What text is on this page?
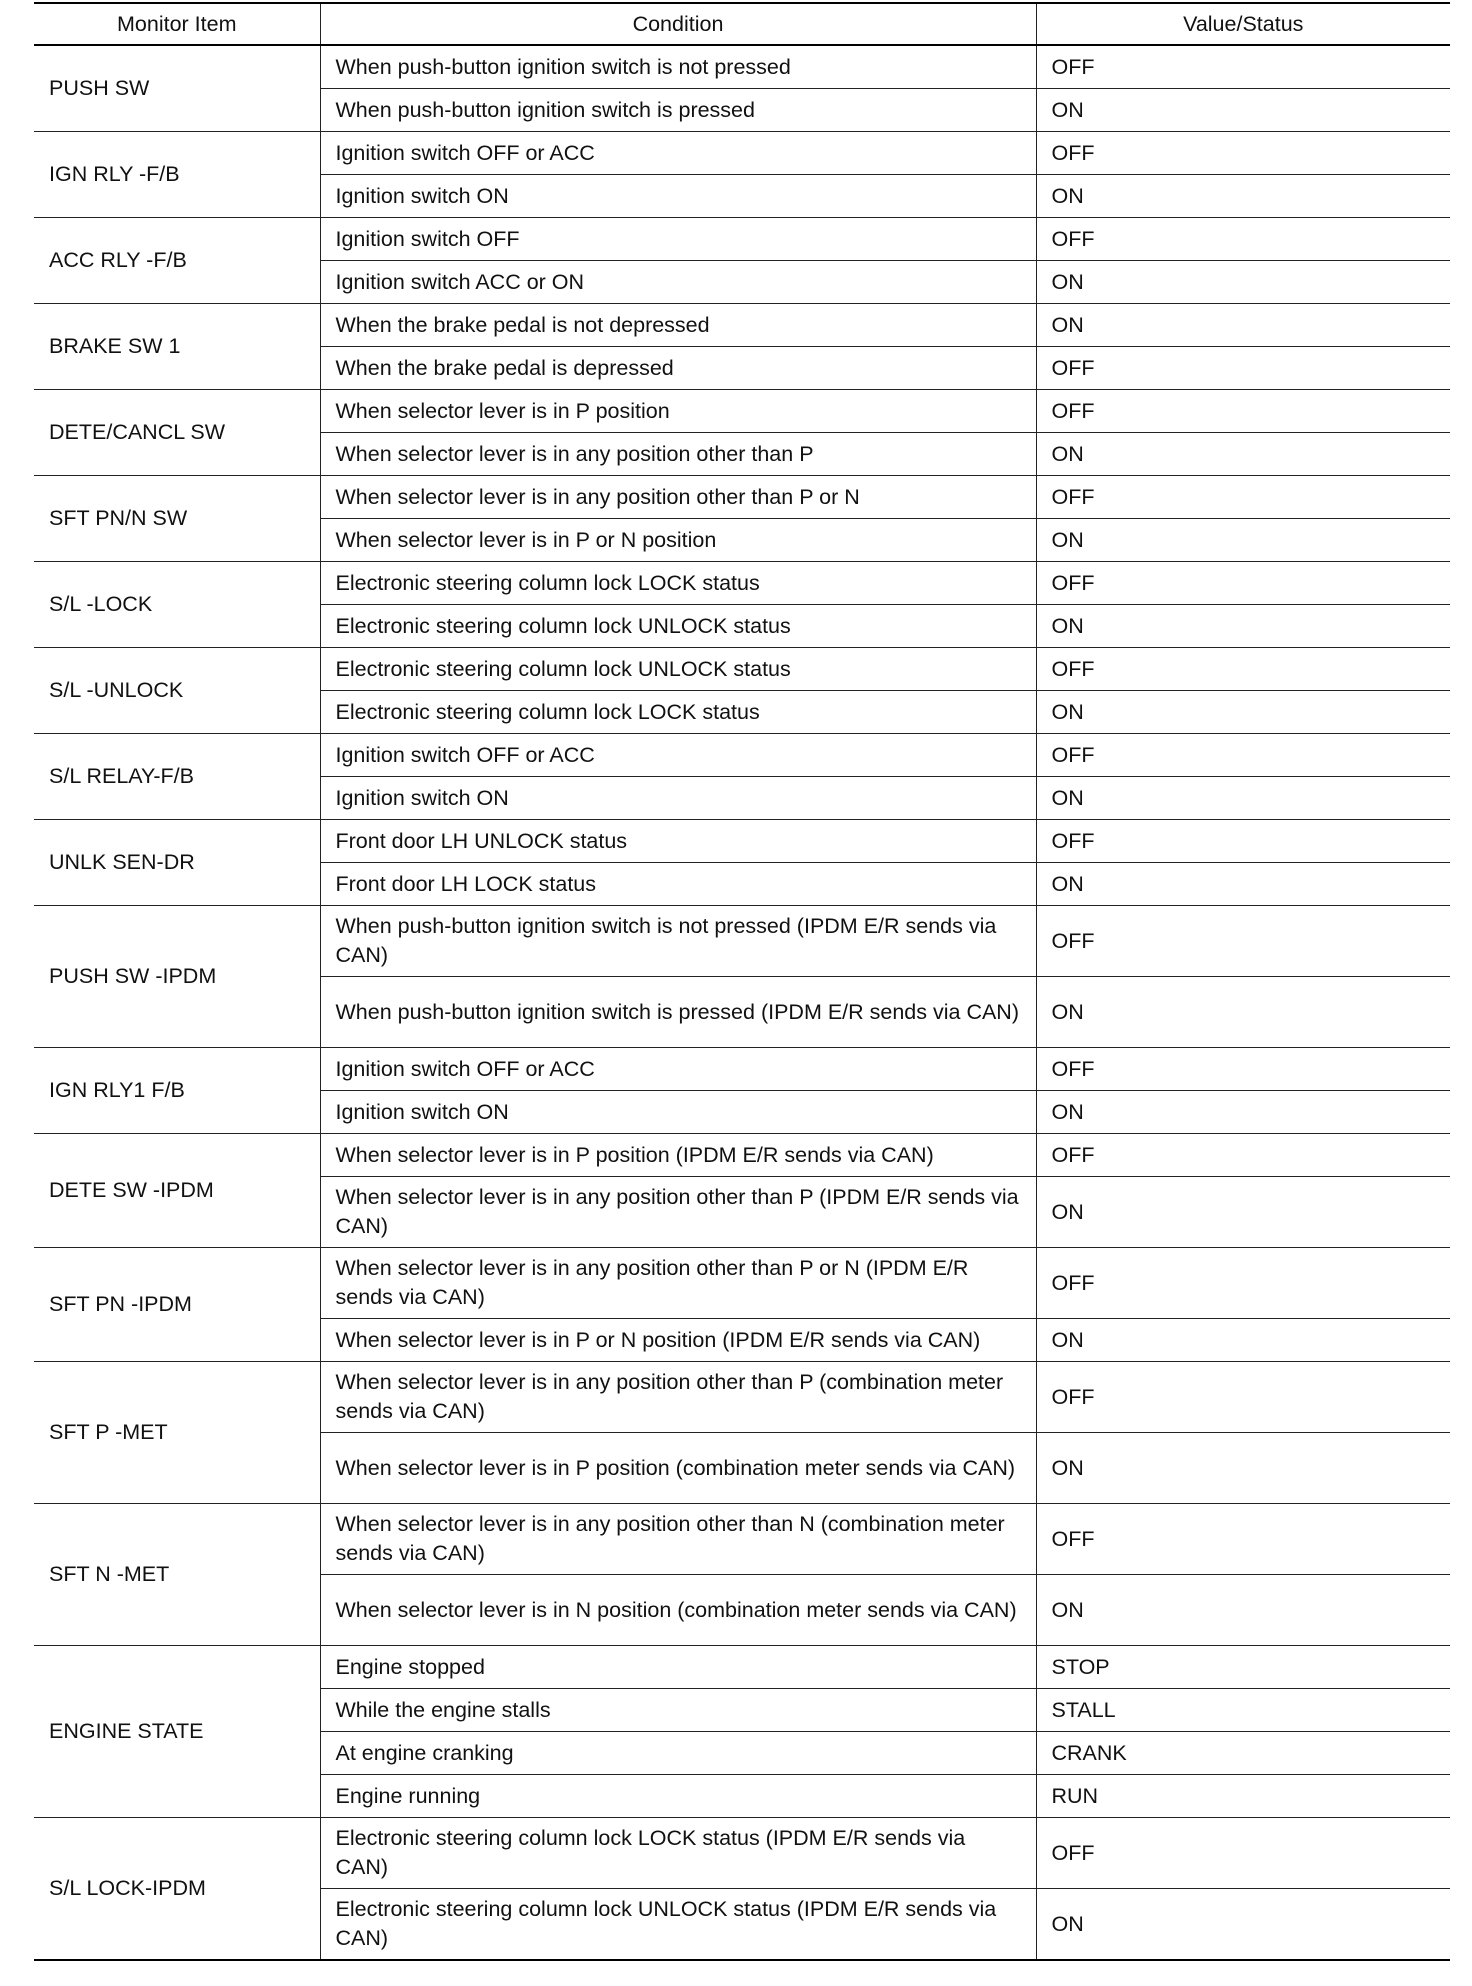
Monitor Item	Condition	Value/Status
PUSH SW	When push-button ignition switch is not pressed	OFF
	When push-button ignition switch is pressed	ON
IGN RLY -F/B	Ignition switch OFF or ACC	OFF
	Ignition switch ON	ON
ACC RLY -F/B	Ignition switch OFF	OFF
	Ignition switch ACC or ON	ON
BRAKE SW 1	When the brake pedal is not depressed	ON
	When the brake pedal is depressed	OFF
DETE/CANCL SW	When selector lever is in P position	OFF
	When selector lever is in any position other than P	ON
SFT PN/N SW	When selector lever is in any position other than P or N	OFF
	When selector lever is in P or N position	ON
S/L -LOCK	Electronic steering column lock LOCK status	OFF
	Electronic steering column lock UNLOCK status	ON
S/L -UNLOCK	Electronic steering column lock UNLOCK status	OFF
	Electronic steering column lock LOCK status	ON
S/L RELAY-F/B	Ignition switch OFF or ACC	OFF
	Ignition switch ON	ON
UNLK SEN-DR	Front door LH UNLOCK status	OFF
	Front door LH LOCK status	ON
PUSH SW -IPDM	When push-button ignition switch is not pressed (IPDM E/R sends via CAN)	OFF
	When push-button ignition switch is pressed (IPDM E/R sends via CAN)	ON
IGN RLY1 F/B	Ignition switch OFF or ACC	OFF
	Ignition switch ON	ON
DETE SW -IPDM	When selector lever is in P position (IPDM E/R sends via CAN)	OFF
	When selector lever is in any position other than P (IPDM E/R sends via CAN)	ON
SFT PN -IPDM	When selector lever is in any position other than P or N (IPDM E/R sends via CAN)	OFF
	When selector lever is in P or N position (IPDM E/R sends via CAN)	ON
SFT P -MET	When selector lever is in any position other than P (combination meter sends via CAN)	OFF
	When selector lever is in P position (combination meter sends via CAN)	ON
SFT N -MET	When selector lever is in any position other than N (combination meter sends via CAN)	OFF
	When selector lever is in N position (combination meter sends via CAN)	ON
ENGINE STATE	Engine stopped	STOP
	While the engine stalls	STALL
	At engine cranking	CRANK
	Engine running	RUN
S/L LOCK-IPDM	Electronic steering column lock LOCK status (IPDM E/R sends via CAN)	OFF
	Electronic steering column lock UNLOCK status (IPDM E/R sends via CAN)	ON
